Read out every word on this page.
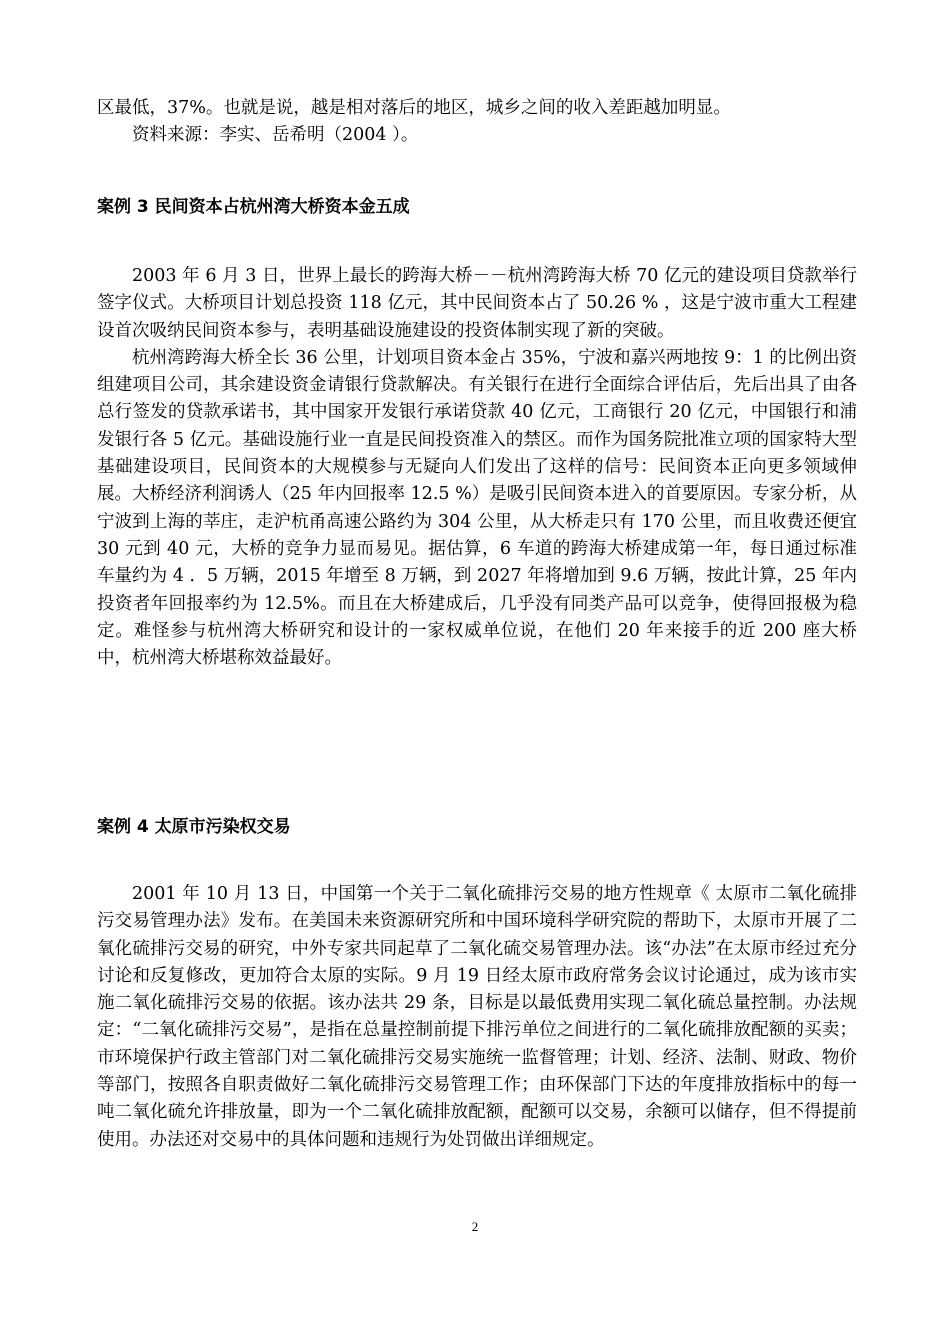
区最低，37%。也就是说，越是相对落后的地区，城乡之间的收入差距越加明显。

资料来源：李实、岳希明（2004 ）。

案例 3 民间资本占杭州湾大桥资本金五成

2003 年 6 月 3 日，世界上最长的跨海大桥－－杭州湾跨海大桥 70 亿元的建设项目贷款举行签字仪式。大桥项目计划总投资 118 亿元，其中民间资本占了 50.26 % ，这是宁波市重大工程建设首次吸纳民间资本参与，表明基础设施建设的投资体制实现了新的突破。

杭州湾跨海大桥全长 36 公里，计划项目资本金占 35%，宁波和嘉兴两地按 9：1 的比例出资组建项目公司，其余建设资金请银行贷款解决。有关银行在进行全面综合评估后，先后出具了由各总行签发的贷款承诺书，其中国家开发银行承诺贷款 40 亿元，工商银行 20 亿元，中国银行和浦发银行各 5 亿元。基础设施行业一直是民间投资准入的禁区。而作为国务院批准立项的国家特大型基础建设项目，民间资本的大规模参与无疑向人们发出了这样的信号：民间资本正向更多领域伸展。大桥经济利润诱人（25 年内回报率 12.5 %）是吸引民间资本进入的首要原因。专家分析，从宁波到上海的莘庄，走沪杭甬高速公路约为 304 公里，从大桥走只有 170 公里，而且收费还便宜 30 元到 40 元，大桥的竞争力显而易见。据估算，6 车道的跨海大桥建成第一年，每日通过标准车量约为 4 ．5 万辆，2015 年增至 8 万辆，到 2027 年将增加到 9.6 万辆，按此计算，25 年内投资者年回报率约为 12.5%。而且在大桥建成后，几乎没有同类产品可以竞争，使得回报极为稳定。难怪参与杭州湾大桥研究和设计的一家权威单位说，在他们 20 年来接手的近 200 座大桥中，杭州湾大桥堪称效益最好。

案例 4 太原市污染权交易

2001 年 10 月 13 日，中国第一个关于二氧化硫排污交易的地方性规章《 太原市二氧化硫排污交易管理办法》发布。在美国未来资源研究所和中国环境科学研究院的帮助下，太原市开展了二氧化硫排污交易的研究，中外专家共同起草了二氧化硫交易管理办法。该“办法”在太原市经过充分讨论和反复修改，更加符合太原的实际。9 月 19 日经太原市政府常务会议讨论通过，成为该市实施二氧化硫排污交易的依据。该办法共 29 条，目标是以最低费用实现二氧化硫总量控制。办法规定：“二氧化硫排污交易”，是指在总量控制前提下排污单位之间进行的二氧化硫排放配额的买卖；市环境保护行政主管部门对二氧化硫排污交易实施统一监督管理；计划、经济、法制、财政、物价等部门，按照各自职责做好二氧化硫排污交易管理工作；由环保部门下达的年度排放指标中的每一吨二氧化硫允许排放量，即为一个二氧化硫排放配额，配额可以交易，余额可以储存，但不得提前使用。办法还对交易中的具体问题和违规行为处罚做出详细规定。

2
